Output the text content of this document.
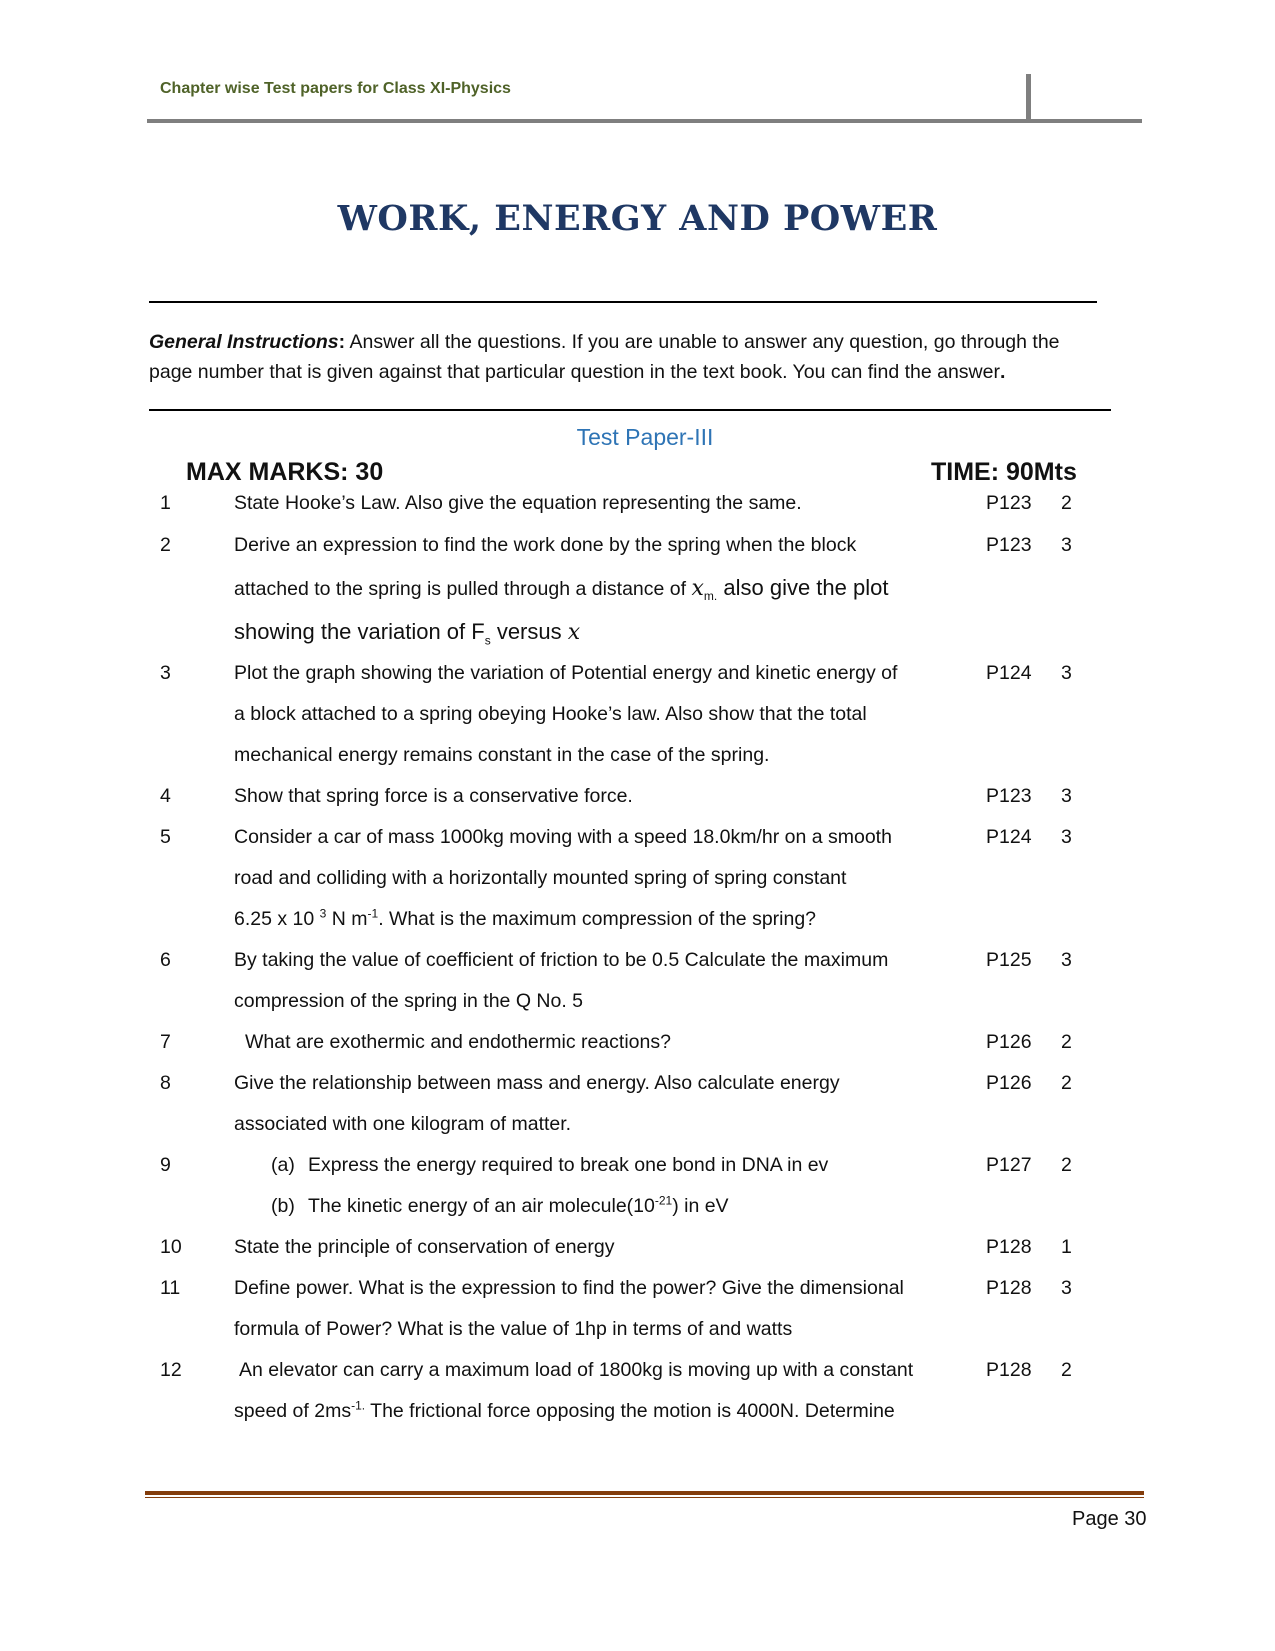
Chapter wise Test papers for Class XI-Physics
WORK, ENERGY AND POWER
General Instructions: Answer all the questions. If you are unable to answer any question, go through the
page number that is given against that particular question in the text book. You can find the answer.
Test Paper-III
MAX MARKS: 30	TIME: 90Mts
1	State Hooke’s Law. Also give the equation representing the same.	P123 2
2	Derive an expression to find the work done by the spring when the block	P123 3
attached to the spring is pulled through a distance of $x_{m.}$ also give the plot
showing the variation of $F_s$ versus x
3	Plot the graph showing the variation of Potential energy and kinetic energy of	P124 3
a block attached to a spring obeying Hooke’s law. Also show that the total
mechanical energy remains constant in the case of the spring.
4	Show that spring force is a conservative force.	P123 3
5	Consider a car of mass 1000kg moving with a speed 18.0km/hr on a smooth	P124 3
road and colliding with a horizontally mounted spring of spring constant
6.25 x 10 $^3$ N $m^{-1}$. What is the maximum compression of the spring?
6	By taking the value of coefficient of friction to be 0.5 Calculate the maximum	P125 3
compression of the spring in the Q No. 5
7	What are exothermic and endothermic reactions?	P126 2
8	Give the relationship between mass and energy. Also calculate energy	P126 2
associated with one kilogram of matter.
9	(a) Express the energy required to break one bond in DNA in ev	P127 2
(b) The kinetic energy of an air $molecule(10^{-21})$ in eV
10	State the principle of conservation of energy	P128 1
11	Define power. What is the expression to find the power? Give the dimensional	P128 3
formula of Power? What is the value of 1hp in terms of and watts
12	An elevator can carry a maximum load of 1800kg is moving up with a constant	P128 2
speed of $2ms^{-1.}$ The frictional force opposing the motion is 4000N. Determine
Page 30
